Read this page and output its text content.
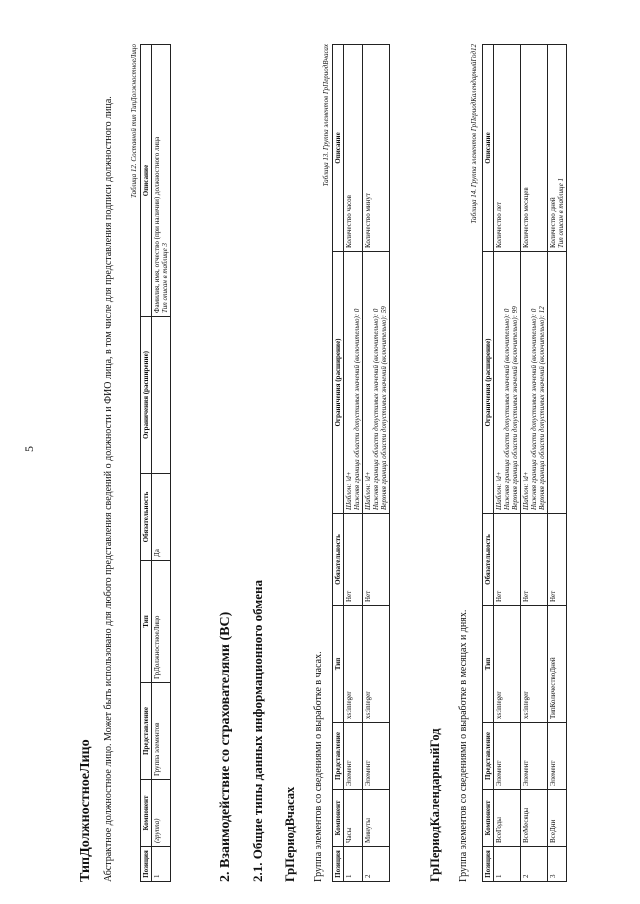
5
ТипДолжностноеЛицо Абстрактное должностное лицо. Может быть использовано для любого представления сведений о должности и ФИО лица, в том числе для представления подписи должностного лица. Таблица 12. Составной тип ТипДолжностноеЛицо
Позиция	Компонент	Представление	Тип	Обязательность	Ограничения (расширение)	Описание
1	(группа)	Группа элементов	ГрДолжностноеЛицо	Да		Фамилия, имя, отчество (при наличии) должностного лица Тип описан в таблице 3
2. Взаимодействие со страхователями (ВС) 2.1. Общие типы данных информационного обмена ГрПериодВчасах Группа элементов со сведениями о выработке в часах.
Таблица 13. Группа элементов ГрПериодВчасах
Позиция	Компонент	Представление	Тип	Обязательность	Ограничения (расширение)	Описание
1	Часы	Элемент	xs:integer	Нет	Шаблон: \d+ Нижняя граница области допустимых значений (включительно): 0	Количество часов
2	Минуты	Элемент	xs:integer	Нет	Шаблон: \d+ Нижняя граница области допустимых значений (включительно): 0 Верхняя граница области допустимых значений (включительно): 59	Количество минут
ГрПериодКалендарныйГод Группа элементов со сведениями о выработке в месяцах и днях.
Таблица 14. Группа элементов ГрПериодКалендарныйГод12
Позиция	Компонент	Представление	Тип	Обязательность	Ограничения (расширение)	Описание
1	ВсеГоды	Элемент	xs:integer	Нет	Шаблон: \d+ Нижняя граница области допустимых значений (включительно): 0 Верхняя граница области допустимых значений (включительно): 99	Количество лет

2	ВсеМесяцы	Элемент	xs:integer	Нет	Шаблон: \d+ Нижняя граница области допустимых значений (включительно): 0 Верхняя граница области допустимых значений (включительно): 12	Количество месяцев

3	ВсеДни	Элемент	ТипКоличествоДней	Нет		Количество дней Тип описан в таблице 1
